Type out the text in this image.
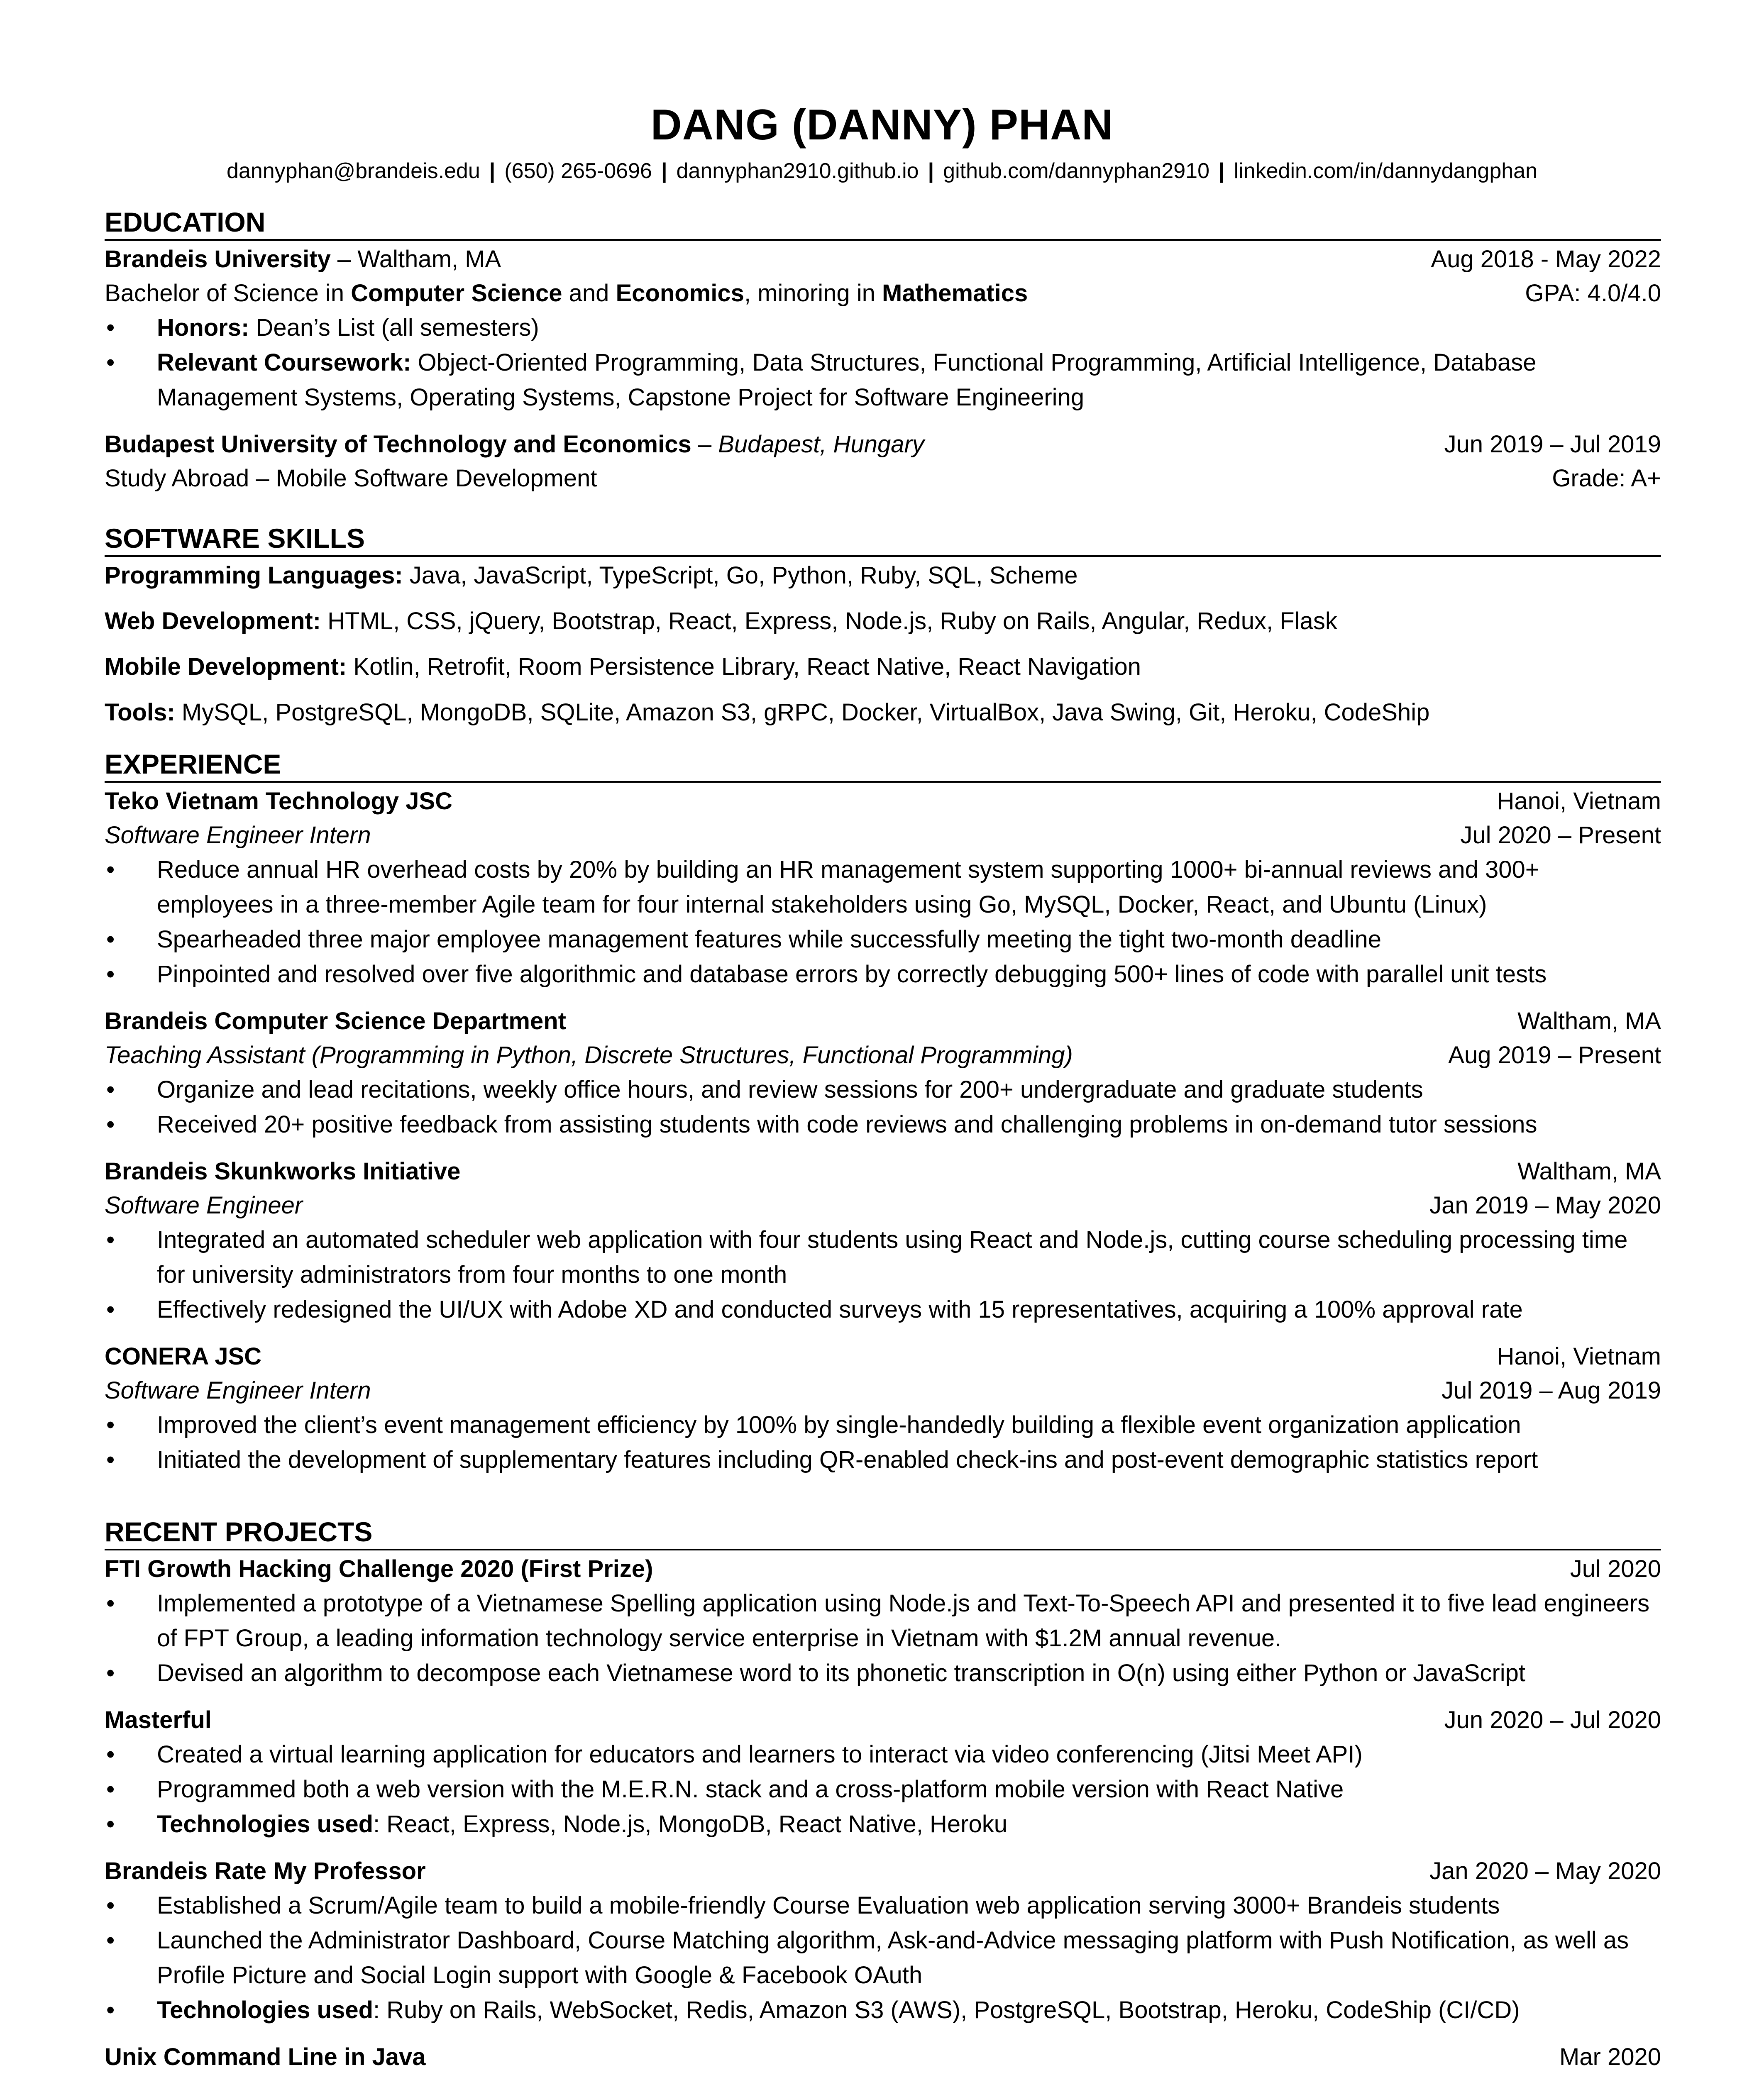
DANG (DANNY) PHAN
dannyphan@brandeis.edu | (650) 265-0696 | dannyphan2910.github.io | github.com/dannyphan2910 | linkedin.com/in/dannydangphan
EDUCATION
Brandeis University – Waltham, MA	Aug 2018 - May 2022
Bachelor of Science in Computer Science and Economics, minoring in Mathematics	GPA: 4.0/4.0
• Honors: Dean’s List (all semesters)
• Relevant Coursework: Object-Oriented Programming, Data Structures, Functional Programming, Artificial Intelligence, Database Management Systems, Operating Systems, Capstone Project for Software Engineering
Budapest University of Technology and Economics – Budapest, Hungary	Jun 2019 – Jul 2019
Study Abroad – Mobile Software Development	Grade: A+
SOFTWARE SKILLS
Programming Languages: Java, JavaScript, TypeScript, Go, Python, Ruby, SQL, Scheme
Web Development: HTML, CSS, jQuery, Bootstrap, React, Express, Node.js, Ruby on Rails, Angular, Redux, Flask
Mobile Development: Kotlin, Retrofit, Room Persistence Library, React Native, React Navigation
Tools: MySQL, PostgreSQL, MongoDB, SQLite, Amazon S3, gRPC, Docker, VirtualBox, Java Swing, Git, Heroku, CodeShip
EXPERIENCE
Teko Vietnam Technology JSC	Hanoi, Vietnam
Software Engineer Intern	Jul 2020 – Present
• Reduce annual HR overhead costs by 20% by building an HR management system supporting 1000+ bi-annual reviews and 300+ employees in a three-member Agile team for four internal stakeholders using Go, MySQL, Docker, React, and Ubuntu (Linux)
• Spearheaded three major employee management features while successfully meeting the tight two-month deadline
• Pinpointed and resolved over five algorithmic and database errors by correctly debugging 500+ lines of code with parallel unit tests
Brandeis Computer Science Department	Waltham, MA
Teaching Assistant (Programming in Python, Discrete Structures, Functional Programming)	Aug 2019 – Present
• Organize and lead recitations, weekly office hours, and review sessions for 200+ undergraduate and graduate students
• Received 20+ positive feedback from assisting students with code reviews and challenging problems in on-demand tutor sessions
Brandeis Skunkworks Initiative	Waltham, MA
Software Engineer	Jan 2019 – May 2020
• Integrated an automated scheduler web application with four students using React and Node.js, cutting course scheduling processing time for university administrators from four months to one month
• Effectively redesigned the UI/UX with Adobe XD and conducted surveys with 15 representatives, acquiring a 100% approval rate
CONERA JSC	Hanoi, Vietnam
Software Engineer Intern	Jul 2019 – Aug 2019
• Improved the client’s event management efficiency by 100% by single-handedly building a flexible event organization application
• Initiated the development of supplementary features including QR-enabled check-ins and post-event demographic statistics report
RECENT PROJECTS
FTI Growth Hacking Challenge 2020 (First Prize)	Jul 2020
• Implemented a prototype of a Vietnamese Spelling application using Node.js and Text-To-Speech API and presented it to five lead engineers of FPT Group, a leading information technology service enterprise in Vietnam with $1.2M annual revenue.
• Devised an algorithm to decompose each Vietnamese word to its phonetic transcription in O(n) using either Python or JavaScript
Masterful	Jun 2020 – Jul 2020
• Created a virtual learning application for educators and learners to interact via video conferencing (Jitsi Meet API)
• Programmed both a web version with the M.E.R.N. stack and a cross-platform mobile version with React Native
• Technologies used: React, Express, Node.js, MongoDB, React Native, Heroku
Brandeis Rate My Professor	Jan 2020 – May 2020
• Established a Scrum/Agile team to build a mobile-friendly Course Evaluation web application serving 3000+ Brandeis students
• Launched the Administrator Dashboard, Course Matching algorithm, Ask-and-Advice messaging platform with Push Notification, as well as Profile Picture and Social Login support with Google & Facebook OAuth
• Technologies used: Ruby on Rails, WebSocket, Redis, Amazon S3 (AWS), PostgreSQL, Bootstrap, Heroku, CodeShip (CI/CD)
Unix Command Line in Java	Mar 2020
